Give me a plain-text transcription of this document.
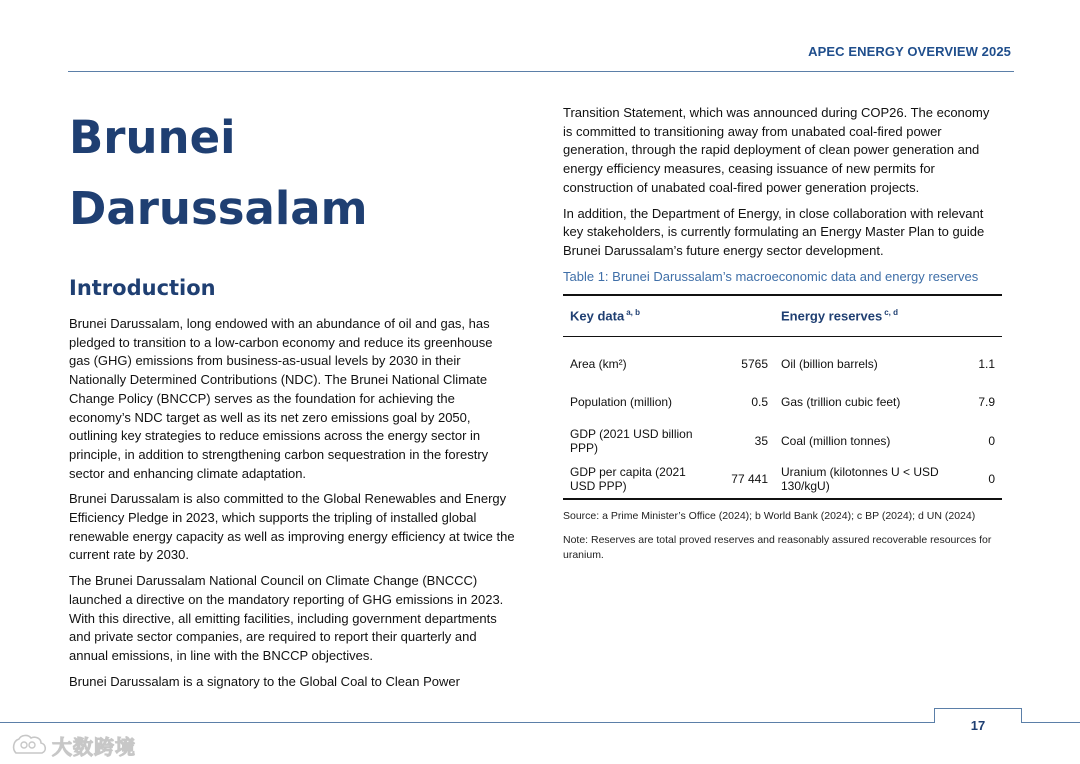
APEC ENERGY OVERVIEW 2025
Brunei
Darussalam
Introduction

Brunei Darussalam, long endowed with an abundance of oil and gas, has pledged to transition to a low-carbon economy and reduce its greenhouse gas (GHG) emissions from business-as-usual levels by 2030 in their Nationally Determined Contributions (NDC). The Brunei National Climate Change Policy (BNCCP) serves as the foundation for achieving the economy’s NDC target as well as its net zero emissions goal by 2050, outlining key strategies to reduce emissions across the energy sector in principle, in addition to strengthening carbon sequestration in the forestry sector and enhancing climate adaptation.

Brunei Darussalam is also committed to the Global Renewables and Energy Efficiency Pledge in 2023, which supports the tripling of installed global renewable energy capacity as well as improving energy efficiency at twice the current rate by 2030.

The Brunei Darussalam National Council on Climate Change (BNCCC) launched a directive on the mandatory reporting of GHG emissions in 2023. With this directive, all emitting facilities, including government departments and private sector companies, are required to report their quarterly and annual emissions, in line with the BNCCP objectives.

Brunei Darussalam is a signatory to the Global Coal to Clean Power

Transition Statement, which was announced during COP26. The economy is committed to transitioning away from unabated coal-fired power generation, through the rapid deployment of clean power generation and energy efficiency measures, ceasing issuance of new permits for construction of unabated coal-fired power generation projects.

In addition, the Department of Energy, in close collaboration with relevant key stakeholders, is currently formulating an Energy Master Plan to guide Brunei Darussalam’s future energy sector development.

Table 1: Brunei Darussalam’s macroeconomic data and energy reserves
Key data $^{a, b}$		Energy reserves $^{c, d}$
Area (km²)	5765	Oil (billion barrels)	1.1
Population (million)	0.5	Gas (trillion cubic feet)	7.9
GDP (2021 USD billion PPP)	35	Coal (million tonnes)	0
GDP per capita (2021 USD PPP)	77 441	Uranium (kilotonnes U < USD 130/kgU)	0
Source: a Prime Minister’s Office (2024); b World Bank (2024); c BP (2024); d UN (2024)
Note: Reserves are total proved reserves and reasonably assured recoverable resources for uranium.
17
大数跨境
